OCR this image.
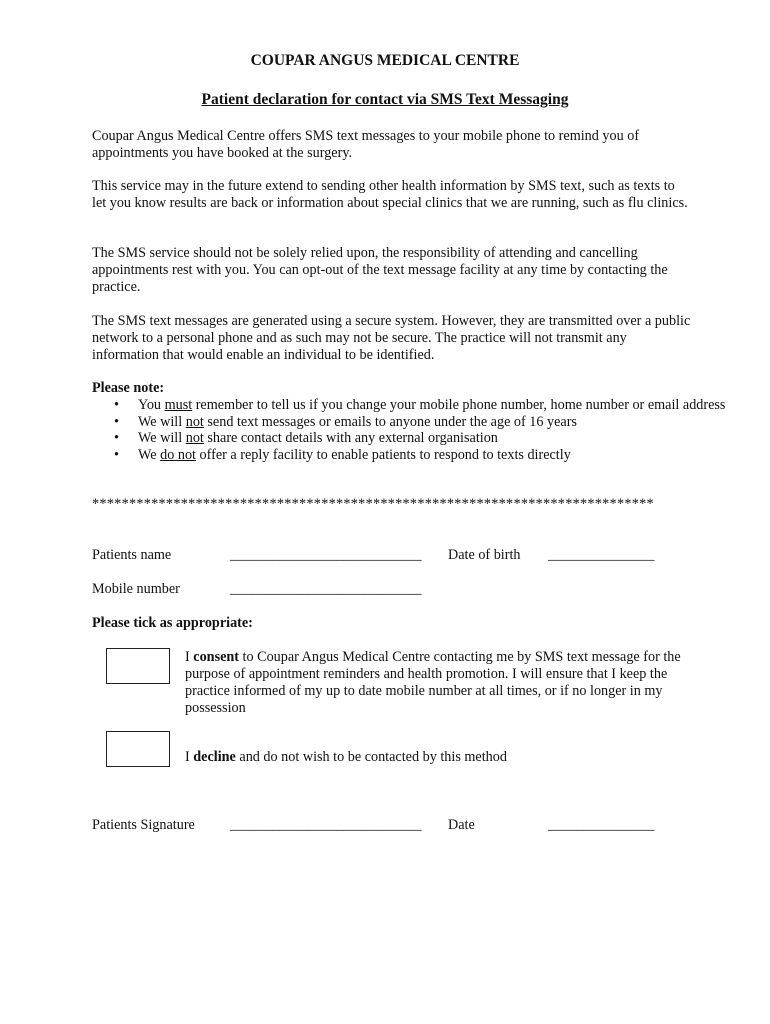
COUPAR ANGUS MEDICAL CENTRE
Patient declaration for contact via SMS Text Messaging
Coupar Angus Medical Centre offers SMS text messages to your mobile phone to remind you of appointments you have booked at the surgery.
This service may in the future extend to sending other health information by SMS text, such as texts to let you know results are back or information about special clinics that we are running, such as flu clinics.
The SMS service should not be solely relied upon, the responsibility of attending and cancelling appointments rest with you. You can opt-out of the text message facility at any time by contacting the practice.
The SMS text messages are generated using a secure system. However, they are transmitted over a public network to a personal phone and as such may not be secure. The practice will not transmit any information that would enable an individual to be identified.
Please note:
• You must remember to tell us if you change your mobile phone number, home number or email address
• We will not send text messages or emails to anyone under the age of 16 years
• We will not share contact details with any external organisation
• We do not offer a reply facility to enable patients to respond to texts directly
****************************************************************************
Patients name	___________________________ Date of birth _______________
Mobile number	___________________________
Please tick as appropriate:
I consent to Coupar Angus Medical Centre contacting me by SMS text message for the purpose of appointment reminders and health promotion. I will ensure that I keep the practice informed of my up to date mobile number at all times, or if no longer in my possession
I decline and do not wish to be contacted by this method
Patients Signature ___________________________ Date	_______________
